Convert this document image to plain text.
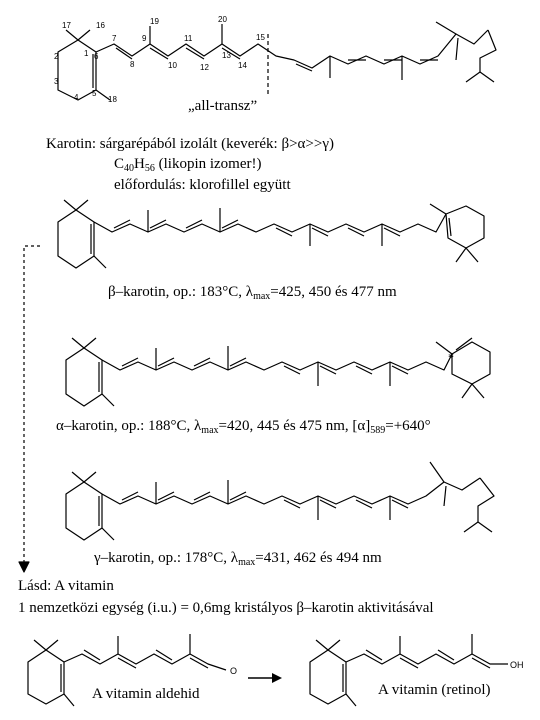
1
2
3
4 5
6
7
8
9
10
11
12
13
14
15
16
17
18
19	20
„all-transz”
Karotin: sárgarépából izolált (keverék: β>α>>γ)
$C_{40}H_{56}$ (likopin izomer!)
előfordulás: klorofillel együtt
β–karotin, op.: 183°C, $\lambda_{max}=425$, 450 és 477 nm
*
α–karotin, op.: 188°C, $\lambda_{max}=420$, 445 és 475 nm, $[\alpha]_{589}=+640^\circ$
γ–karotin, op.: 178°C, $\lambda_{max}=431$, 462 és 494 nm
Lásd: A vitamin
1 nemzetközi egység (i.u.) = 0,6mg kristályos β–karotin aktivitásával
O
A vitamin aldehid
OH
A vitamin (retinol)
